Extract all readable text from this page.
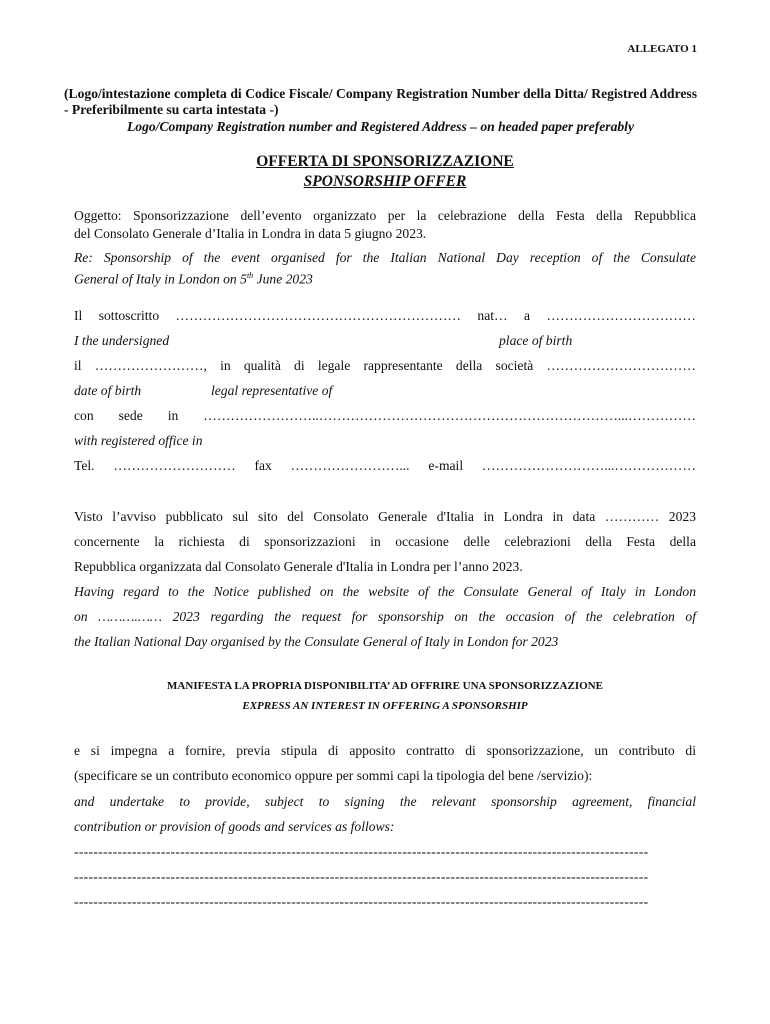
ALLEGATO 1
(Logo/intestazione completa di Codice Fiscale/ Company Registration Number della Ditta/ Registred Address - Preferibilmente su carta intestata -)
Logo/Company Registration number and Registered Address – on headed paper preferably
OFFERTA DI SPONSORIZZAZIONE
SPONSORSHIP OFFER
Oggetto: Sponsorizzazione dell’evento organizzato per la celebrazione della Festa della Repubblica
del Consolato Generale d’Italia in Londra in data 5 giugno 2023.
Re: Sponsorship of the event organised for the Italian National Day reception of the Consulate
General of Italy in London on 5th June 2023
Il sottoscritto ……………………………………………………… nat… a ……………………………
I the undersigned	place of birth
il ……………………, in qualità di legale rappresentante della società ……………………………
date of birth	legal representative of
con sede in ……………………..…………………………………………………………...……………
with registered office in
Tel. ……………………… fax ……………………... e-mail ………………………...………………
Visto l’avviso pubblicato sul sito del Consolato Generale d'Italia in Londra in data ………… 2023
concernente la richiesta di sponsorizzazioni in occasione delle celebrazioni della Festa della
Repubblica organizzata dal Consolato Generale d'Italia in Londra per l’anno 2023.
Having regard to the Notice published on the website of the Consulate General of Italy in London
on ……….…… 2023 regarding the request for sponsorship on the occasion of the celebration of
the Italian National Day organised by the Consulate General of Italy in London for 2023
MANIFESTA LA PROPRIA DISPONIBILITA’ AD OFFRIRE UNA SPONSORIZZAZIONE
EXPRESS AN INTEREST IN OFFERING A SPONSORSHIP
e si impegna a fornire, previa stipula di apposito contratto di sponsorizzazione, un contributo di
(specificare se un contributo economico oppure per sommi capi la tipologia del bene /servizio):
and undertake to provide, subject to signing the relevant sponsorship agreement, financial
contribution or provision of goods and services as follows:
-----------------------------------------------------------------------------------------------------------------------
-----------------------------------------------------------------------------------------------------------------------
-----------------------------------------------------------------------------------------------------------------------
